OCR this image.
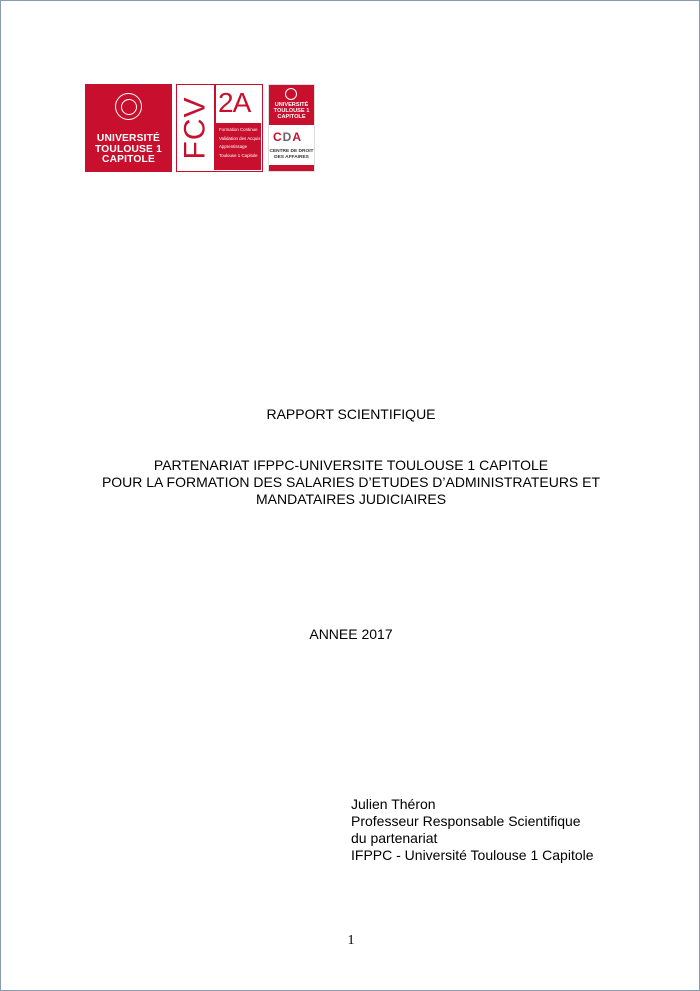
UNIVERSITÉ
TOULOUSE 1
CAPITOLE
FCV 2A
Formation Continue
Validation des Acquis
Apprentissage
Toulouse 1 Capitole
UNIVERSITÉ
TOULOUSE 1
CAPITOLE
CDA
CENTRE DE DROIT
DES AFFAIRES
RAPPORT SCIENTIFIQUE
PARTENARIAT IFPPC-UNIVERSITE TOULOUSE 1 CAPITOLE
POUR LA FORMATION DES SALARIES D’ETUDES D’ADMINISTRATEURS ET
MANDATAIRES JUDICIAIRES
ANNEE 2017
Julien Théron
Professeur Responsable Scientifique
du partenariat
IFPPC - Université Toulouse 1 Capitole
1
